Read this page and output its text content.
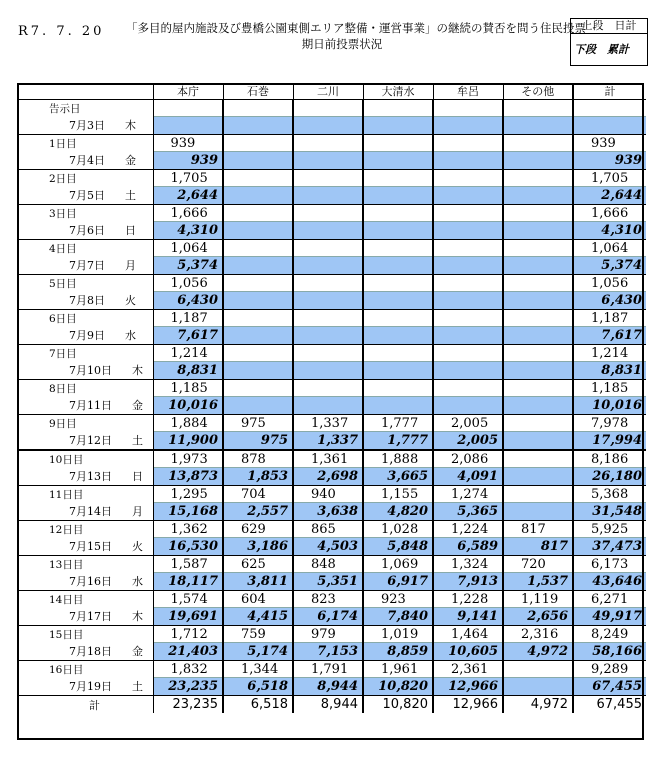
R7. 7. 20 「多目的屋内施設及び豊橋公園東側エリア整備・運営事業」の継続の賛否を問う住民投票
期日前投票状況
上段　日計
下段　累計
	本庁	石巻	二川	大清水	牟呂	その他	計
告示日							
7月3日 木							
1日目	939						939
7月4日 金	939						939
2日目	1,705						1,705
7月5日 土	2,644						2,644
3日目	1,666						1,666
7月6日 日	4,310						4,310
4日目	1,064						1,064
7月7日 月	5,374						5,374
5日目	1,056						1,056
7月8日 火	6,430						6,430
6日目	1,187						1,187
7月9日 水	7,617						7,617
7日目	1,214						1,214
7月10日 木	8,831						8,831
8日目	1,185						1,185
7月11日 金	10,016						10,016
9日目	1,884	975	1,337	1,777	2,005		7,978
7月12日 土	11,900	975	1,337	1,777	2,005		17,994
10日目	1,973	878	1,361	1,888	2,086		8,186
7月13日 日	13,873	1,853	2,698	3,665	4,091		26,180
11日目	1,295	704	940	1,155	1,274		5,368
7月14日 月	15,168	2,557	3,638	4,820	5,365		31,548
12日目	1,362	629	865	1,028	1,224	817	5,925
7月15日 火	16,530	3,186	4,503	5,848	6,589	817	37,473
13日目	1,587	625	848	1,069	1,324	720	6,173
7月16日 水	18,117	3,811	5,351	6,917	7,913	1,537	43,646
14日目	1,574	604	823	923	1,228	1,119	6,271
7月17日 木	19,691	4,415	6,174	7,840	9,141	2,656	49,917
15日目	1,712	759	979	1,019	1,464	2,316	8,249
7月18日 金	21,403	5,174	7,153	8,859	10,605	4,972	58,166
16日目	1,832	1,344	1,791	1,961	2,361		9,289
7月19日 土	23,235	6,518	8,944	10,820	12,966		67,455
計	23,235	6,518	8,944	10,820	12,966	4,972	67,455
